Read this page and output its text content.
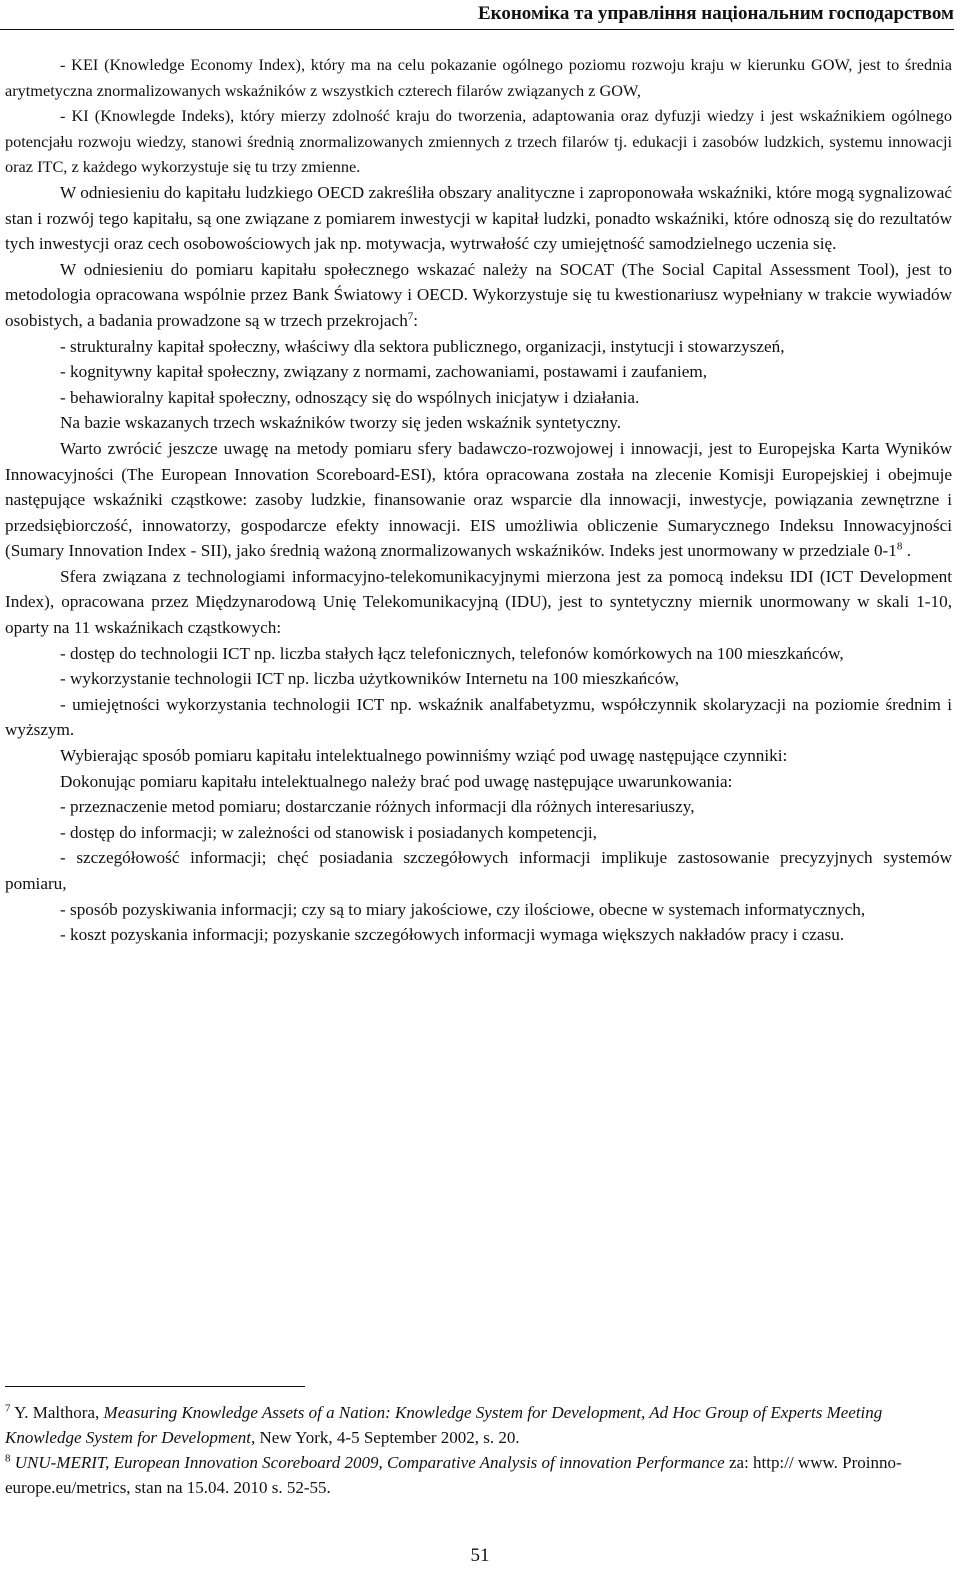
Економіка та управління національним господарством

- KEI (Knowledge Economy Index), który ma na celu pokazanie ogólnego poziomu rozwoju kraju w kierunku GOW, jest to średnia arytmetyczna znormalizowanych wskaźników z wszystkich czterech filarów związanych z GOW,

- KI (Knowlegde Indeks), który mierzy zdolność kraju do tworzenia, adaptowania oraz dyfuzji wiedzy i jest wskaźnikiem ogólnego potencjału rozwoju wiedzy, stanowi średnią znormalizowanych zmiennych z trzech filarów tj. edukacji i zasobów ludzkich, systemu innowacji oraz ITC, z każdego wykorzystuje się tu trzy zmienne.

W odniesieniu do kapitału ludzkiego OECD zakreśliła obszary analityczne i zaproponowała wskaźniki, które mogą sygnalizować stan i rozwój tego kapitału, są one związane z pomiarem inwestycji w kapitał ludzki, ponadto wskaźniki, które odnoszą się do rezultatów tych inwestycji oraz cech osobowościowych jak np. motywacja, wytrwałość czy umiejętność samodzielnego uczenia się.

W odniesieniu do pomiaru kapitału społecznego wskazać należy na SOCAT (The Social Capital Assessment Tool), jest to metodologia opracowana wspólnie przez Bank Światowy i OECD. Wykorzystuje się tu kwestionariusz wypełniany w trakcie wywiadów osobistych, a badania prowadzone są w trzech przekrojach$^7$:

- strukturalny kapitał społeczny, właściwy dla sektora publicznego, organizacji, instytucji i stowarzyszeń,

- kognitywny kapitał społeczny, związany z normami, zachowaniami, postawami i zaufaniem,

- behawioralny kapitał społeczny, odnoszący się do wspólnych inicjatyw i działania.

Na bazie wskazanych trzech wskaźników tworzy się jeden wskaźnik syntetyczny.

Warto zwrócić jeszcze uwagę na metody pomiaru sfery badawczo-rozwojowej i innowacji, jest to Europejska Karta Wyników Innowacyjności (The European Innovation Scoreboard-ESI), która opracowana została na zlecenie Komisji Europejskiej i obejmuje następujące wskaźniki cząstkowe: zasoby ludzkie, finansowanie oraz wsparcie dla innowacji, inwestycje, powiązania zewnętrzne i przedsiębiorczość, innowatorzy, gospodarcze efekty innowacji. EIS umożliwia obliczenie Sumarycznego Indeksu Innowacyjności (Sumary Innovation Index - SII), jako średnią ważoną znormalizowanych wskaźników. Indeks jest unormowany w przedziale $0-1^8$ .

Sfera związana z technologiami informacyjno-telekomunikacyjnymi mierzona jest za pomocą indeksu IDI (ICT Development Index), opracowana przez Międzynarodową Unię Telekomunikacyjną (IDU), jest to syntetyczny miernik unormowany w skali 1-10, oparty na 11 wskaźnikach cząstkowych:

- dostęp do technologii ICT np. liczba stałych łącz telefonicznych, telefonów komórkowych na 100 mieszkańców,

- wykorzystanie technologii ICT np. liczba użytkowników Internetu na 100 mieszkańców,

- umiejętności wykorzystania technologii ICT np. wskaźnik analfabetyzmu, współczynnik skolaryzacji na poziomie średnim i wyższym.

Wybierając sposób pomiaru kapitału intelektualnego powinniśmy wziąć pod uwagę następujące czynniki:

Dokonując pomiaru kapitału intelektualnego należy brać pod uwagę następujące uwarunkowania:

- przeznaczenie metod pomiaru; dostarczanie różnych informacji dla różnych interesariuszy,

- dostęp do informacji; w zależności od stanowisk i posiadanych kompetencji,

- szczegółowość informacji; chęć posiadania szczegółowych informacji implikuje zastosowanie precyzyjnych systemów pomiaru,

- sposób pozyskiwania informacji; czy są to miary jakościowe, czy ilościowe, obecne w systemach informatycznych,

- koszt pozyskania informacji; pozyskanie szczegółowych informacji wymaga większych nakładów pracy i czasu.

$^7$ Y. Malthora, Measuring Knowledge Assets of a Nation: Knowledge System for Development, Ad Hoc Group of Experts Meeting Knowledge System for Development, New York, 4-5 September 2002, s. 20.

$^8$ UNU-MERIT, European Innovation Scoreboard 2009, Comparative Analysis of innovation Performance za: http:// www. Proinno-europe.eu/metrics, stan na 15.04. 2010 s. 52-55.

51
